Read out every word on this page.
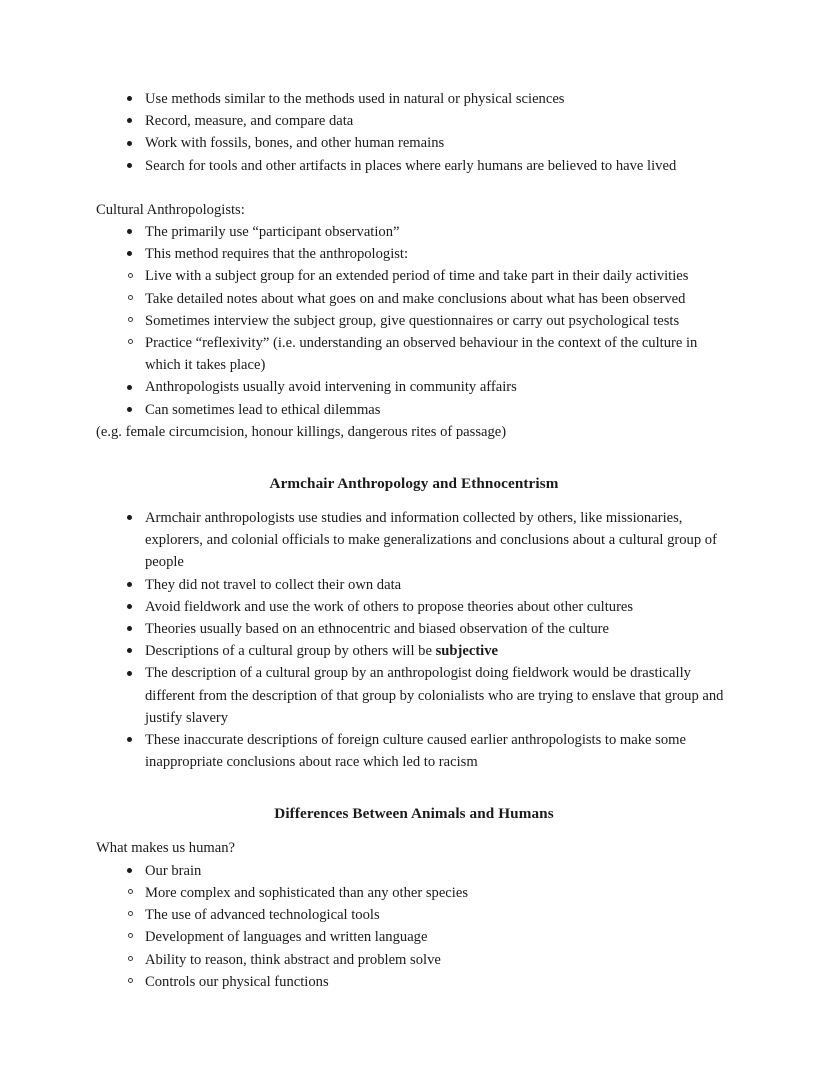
Use methods similar to the methods used in natural or physical sciences
Record, measure, and compare data
Work with fossils, bones, and other human remains
Search for tools and other artifacts in places where early humans are believed to have lived

Cultural Anthropologists:

The primarily use “participant observation”
This method requires that the anthropologist:
Live with a subject group for an extended period of time and take part in their daily activities
Take detailed notes about what goes on and make conclusions about what has been observed
Sometimes interview the subject group, give questionnaires or carry out psychological tests
Practice “reflexivity” (i.e. understanding an observed behaviour in the context of the culture in which it takes place)
Anthropologists usually avoid intervening in community affairs
Can sometimes lead to ethical dilemmas

(e.g. female circumcision, honour killings, dangerous rites of passage)

Armchair Anthropology and Ethnocentrism

Armchair anthropologists use studies and information collected by others, like missionaries, explorers, and colonial officials to make generalizations and conclusions about a cultural group of people
They did not travel to collect their own data
Avoid fieldwork and use the work of others to propose theories about other cultures
Theories usually based on an ethnocentric and biased observation of the culture
Descriptions of a cultural group by others will be subjective
The description of a cultural group by an anthropologist doing fieldwork would be drastically different from the description of that group by colonialists who are trying to enslave that group and justify slavery
These inaccurate descriptions of foreign culture caused earlier anthropologists to make some inappropriate conclusions about race which led to racism

Differences Between Animals and Humans

What makes us human?

Our brain
More complex and sophisticated than any other species
The use of advanced technological tools
Development of languages and written language
Ability to reason, think abstract and problem solve
Controls our physical functions
